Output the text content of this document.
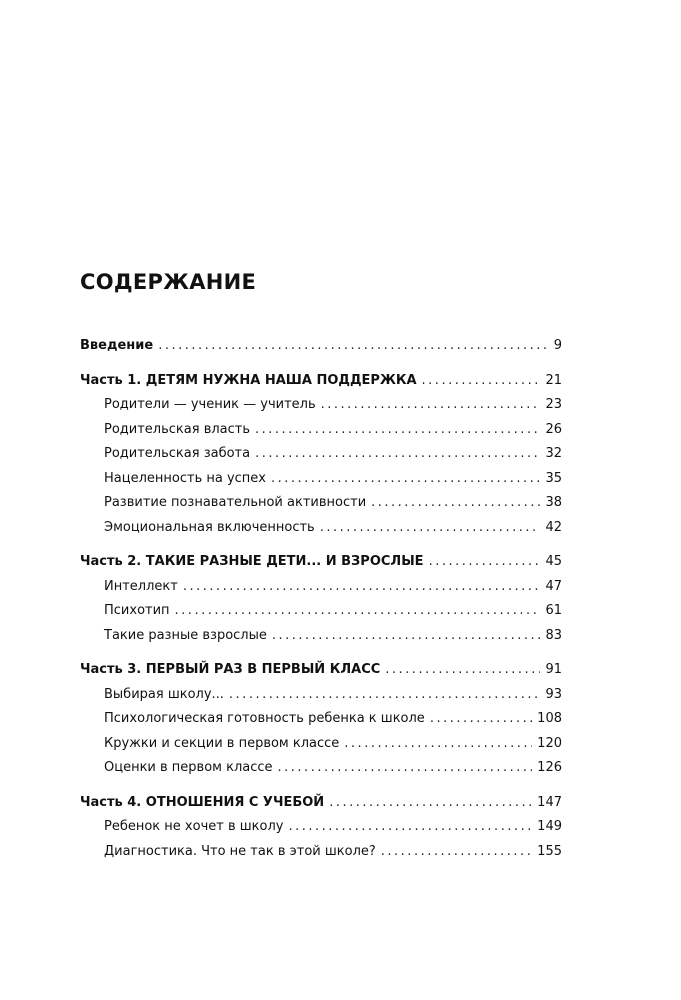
СОДЕРЖАНИЕ
Введение .....	9
Часть 1. ДЕТЯМ НУЖНА НАША ПОДДЕРЖКА .....	21
Родители — ученик — учитель .....	23
Родительская власть .....	26
Родительская забота .....	32
Нацеленность на успех .....	35
Развитие познавательной активности .....	38
Эмоциональная включенность .....	42
Часть 2. ТАКИЕ РАЗНЫЕ ДЕТИ... И ВЗРОСЛЫЕ .....	45
Интеллект .....	47
Психотип .....	61
Такие разные взрослые .....	83
Часть 3. ПЕРВЫЙ РАЗ В ПЕРВЫЙ КЛАСС .....	91
Выбирая школу... .....	93
Психологическая готовность ребенка к школе .....	108
Кружки и секции в первом классе .....	120
Оценки в первом классе .....	126
Часть 4. ОТНОШЕНИЯ С УЧЕБОЙ .....	147
Ребенок не хочет в школу .....	149
Диагностика. Что не так в этой школе? .....	155
